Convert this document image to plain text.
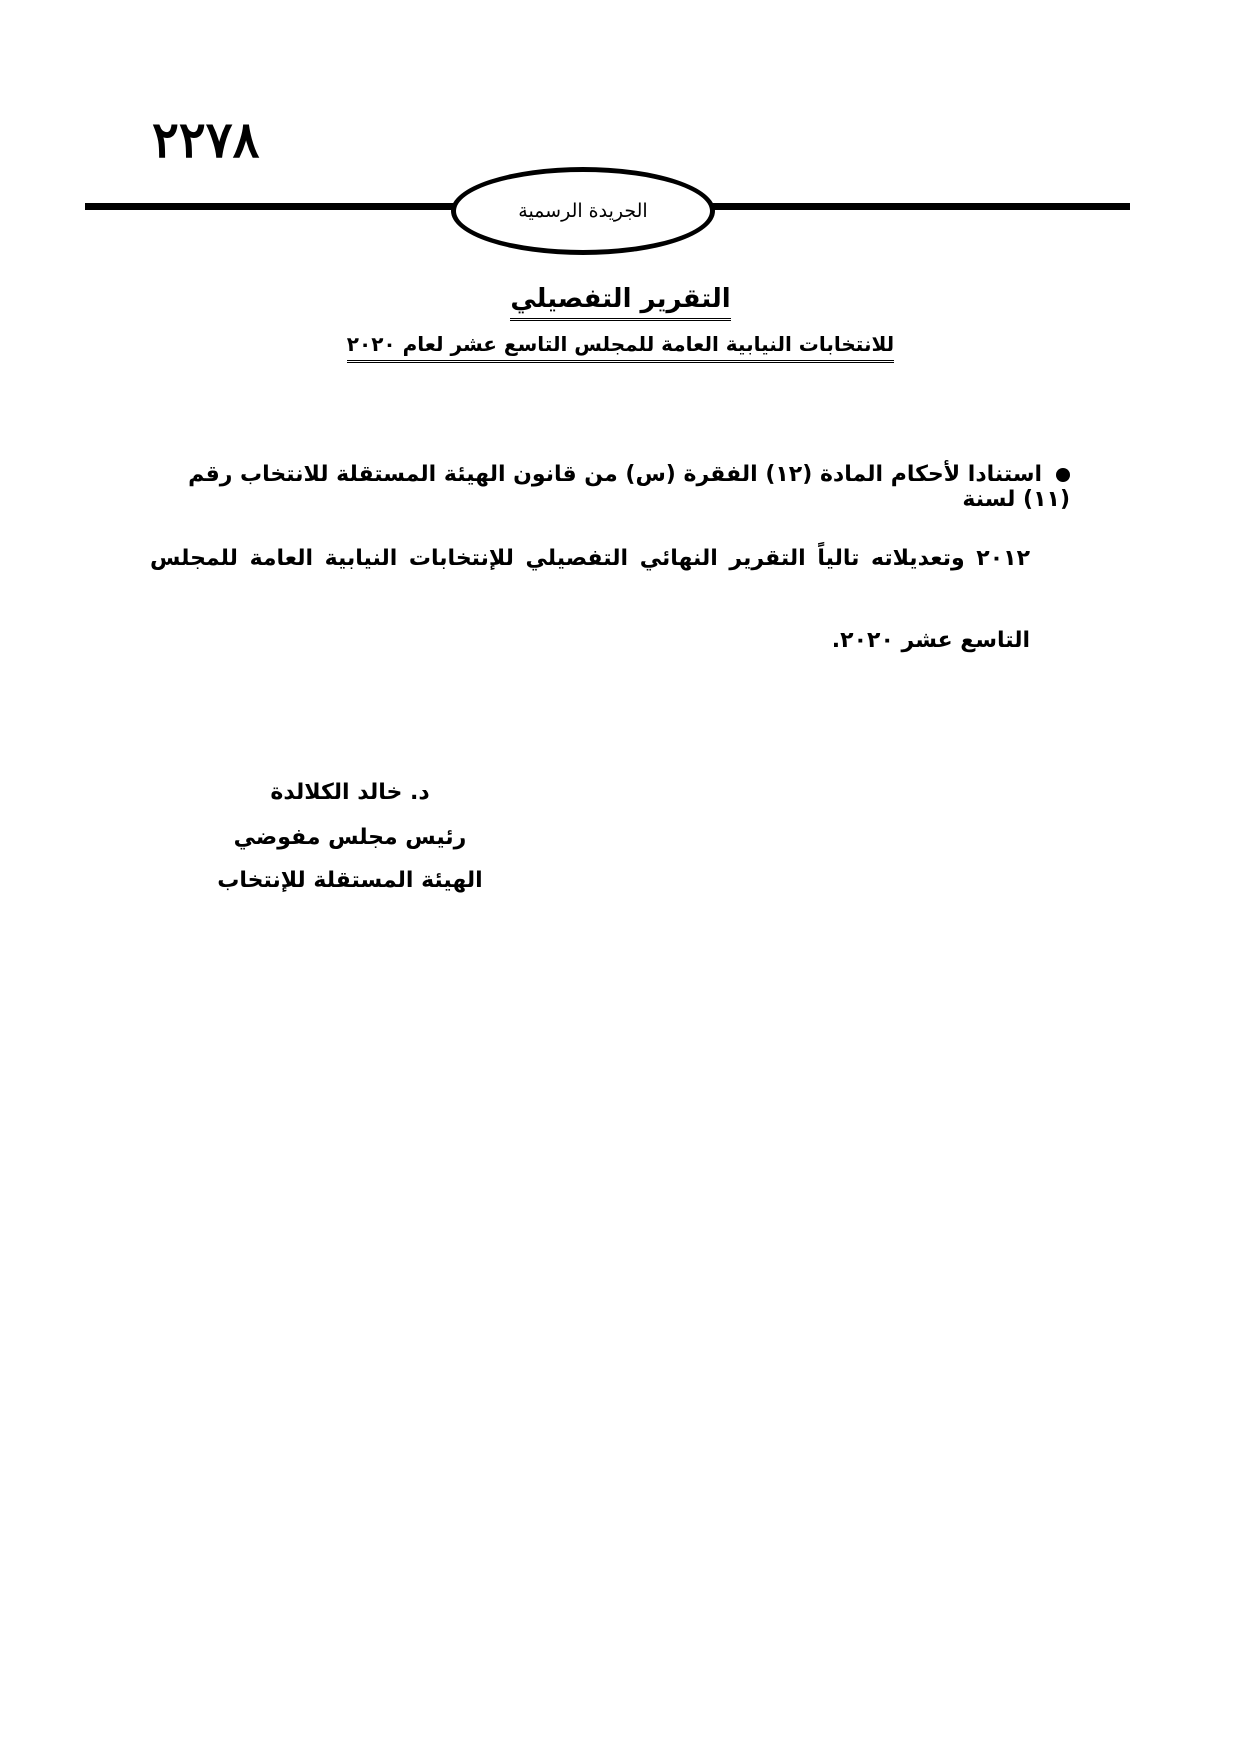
٢٢٧٨
الجريدة الرسمية
التقرير التفصيلي
للانتخابات النيابية العامة للمجلس التاسع عشر لعام ٢٠٢٠
استنادا لأحكام المادة (١٢) الفقرة (س) من قانون الهيئة المستقلة للانتخاب رقم (١١) لسنة
٢٠١٢ وتعديلاته تالياً التقرير النهائي التفصيلي للإنتخابات النيابية العامة للمجلس
التاسع عشر ٢٠٢٠.
د. خالد الكلالدة
رئيس مجلس مفوضي
الهيئة المستقلة للإنتخاب
